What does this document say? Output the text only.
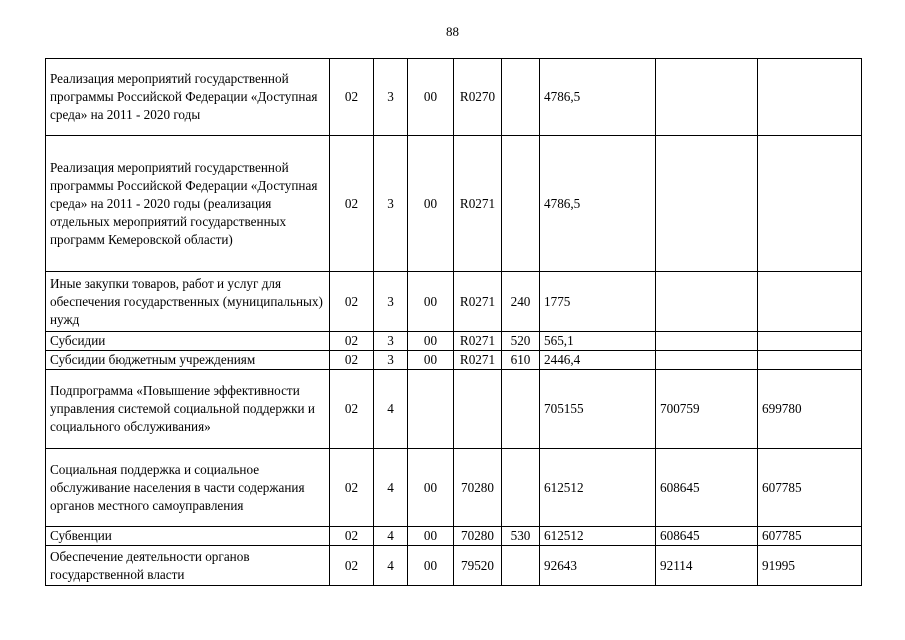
88
Реализация мероприятий государственной программы Российской Федерации «Доступная среда» на 2011 - 2020 годы	02	3	00	R0270		4786,5		
Реализация мероприятий государственной программы Российской Федерации «Доступная среда» на 2011 - 2020 годы (реализация отдельных мероприятий государственных программ Кемеровской области)	02	3	00	R0271		4786,5		
Иные закупки товаров, работ и услуг для обеспечения государственных (муниципальных) нужд	02	3	00	R0271	240	1775		
Субсидии	02	3	00	R0271	520	565,1		
Субсидии бюджетным учреждениям	02	3	00	R0271	610	2446,4		
Подпрограмма «Повышение эффективности управления системой социальной поддержки и социального обслуживания»	02	4				705155	700759	699780
Социальная поддержка и социальное обслуживание населения в части содержания органов местного самоуправления	02	4	00	70280		612512	608645	607785
Субвенции	02	4	00	70280	530	612512	608645	607785
Обеспечение деятельности органов государственной власти	02	4	00	79520		92643	92114	91995
